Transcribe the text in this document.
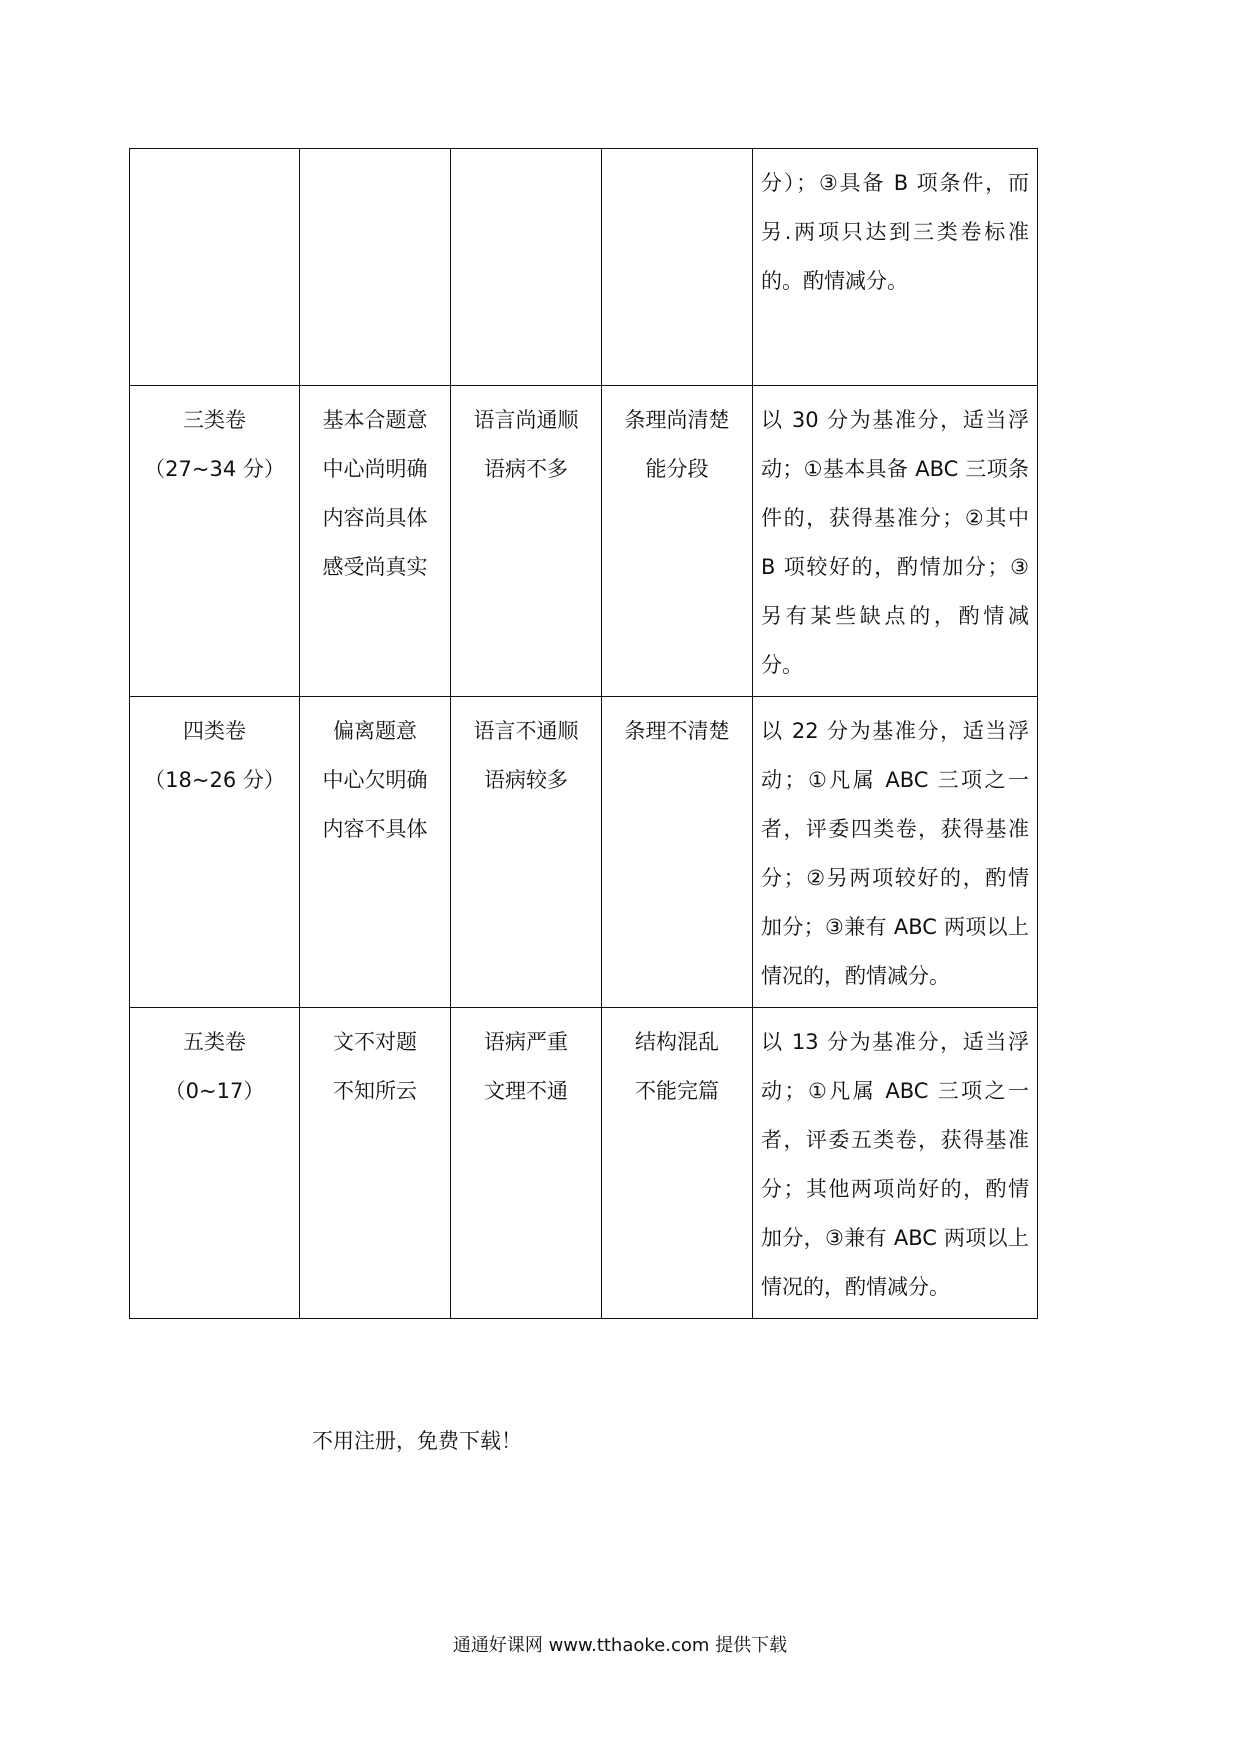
				分）；③具备 B 项条件，而另.两项只达到三类卷标准的。酌情减分。

三类卷
（27~34 分）	基本合题意
中心尚明确
内容尚具体
感受尚真实	语言尚通顺
语病不多	条理尚清楚
能分段	以 30 分为基准分，适当浮动；①基本具备 ABC 三项条件的，获得基准分；②其中 B 项较好的，酌情加分；③另有某些缺点的，酌情减分。

四类卷
（18~26 分）	偏离题意
中心欠明确
内容不具体	语言不通顺
语病较多	条理不清楚	以 22 分为基准分，适当浮动；①凡属 ABC 三项之一者，评委四类卷，获得基准分；②另两项较好的，酌情加分；③兼有 ABC 两项以上情况的，酌情减分。

五类卷
（0~17）	文不对题
不知所云	语病严重
文理不通	结构混乱
不能完篇	以 13 分为基准分，适当浮动；①凡属 ABC 三项之一者，评委五类卷，获得基准分；其他两项尚好的，酌情加分，③兼有 ABC 两项以上情况的，酌情减分。
不用注册，免费下载！
通通好课网 www.tthaoke.com 提供下载
